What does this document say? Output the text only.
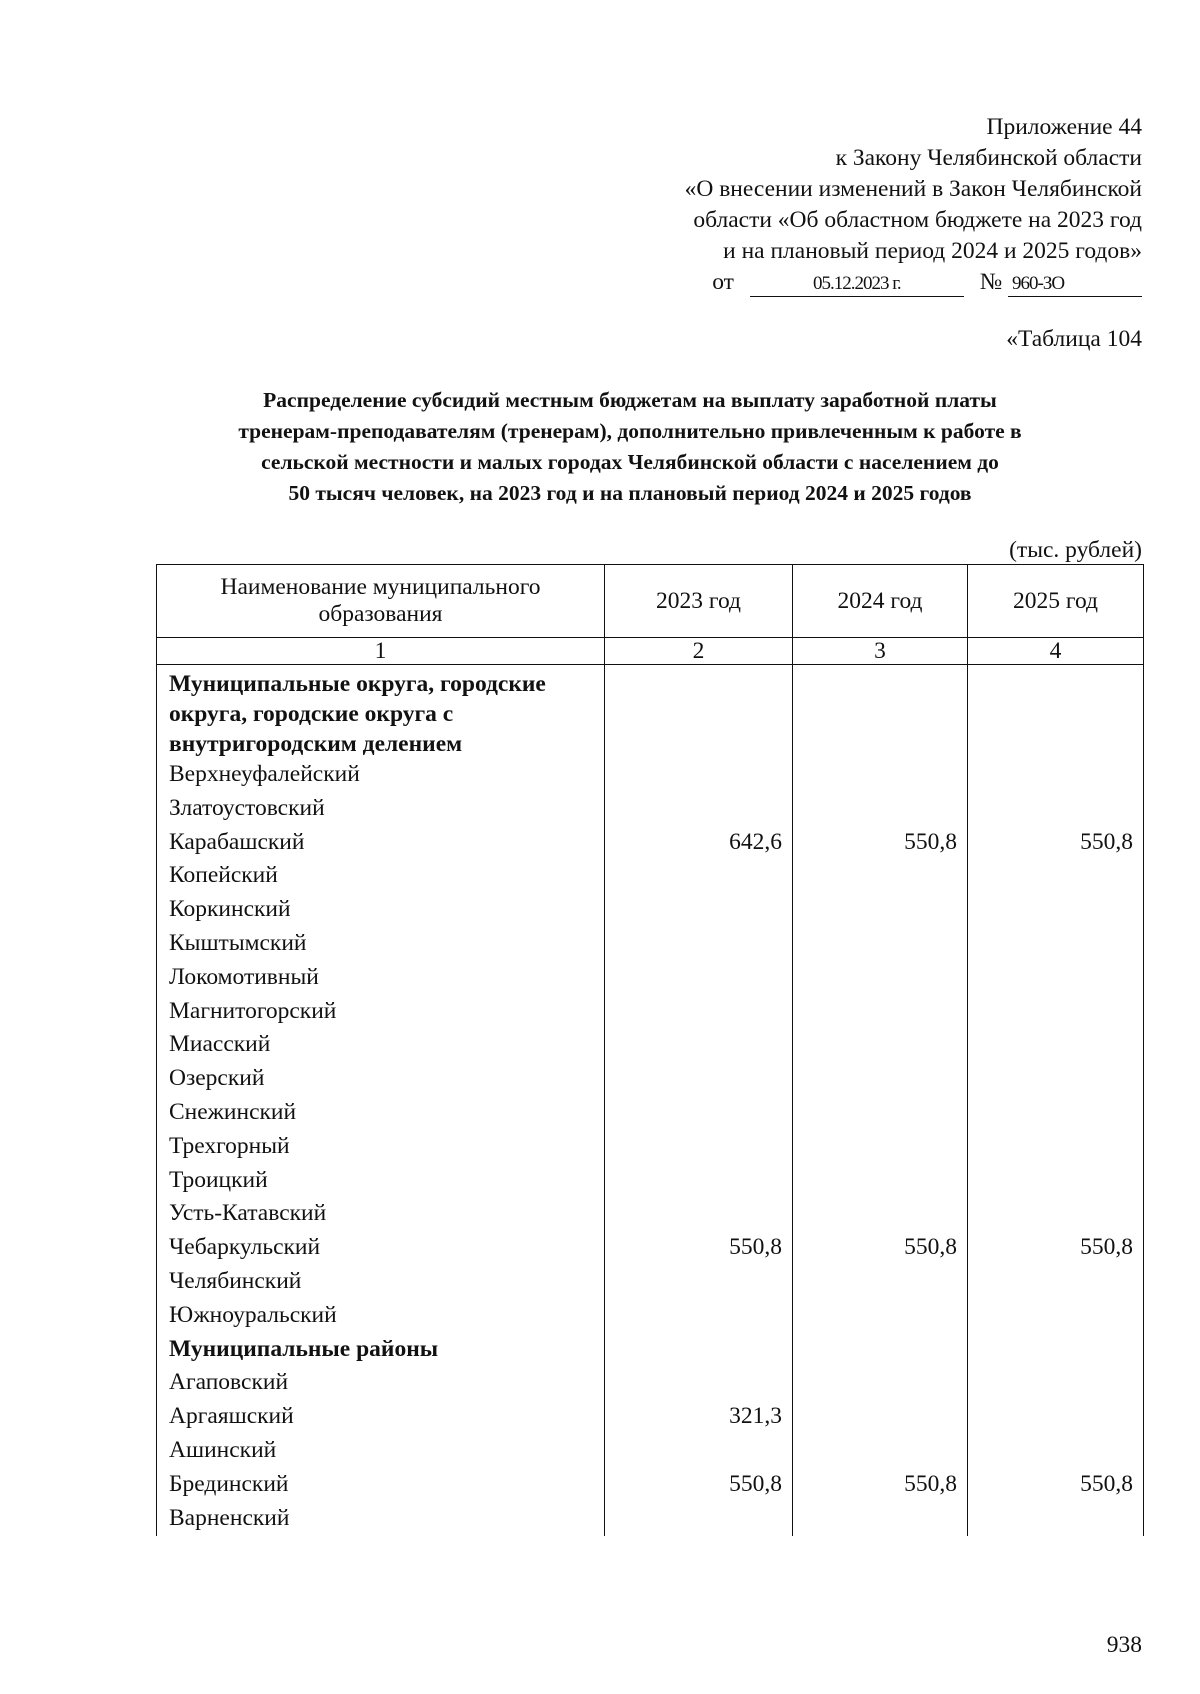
Приложение 44
к Закону Челябинской области
«О внесении изменений в Закон Челябинской
области «Об областном бюджете на 2023 год
и на плановый период 2024 и 2025 годов»
от	05.12.2023 г.	№ 960-ЗО
«Таблица 104
Распределение субсидий местным бюджетам на выплату заработной платы
тренерам-преподавателям (тренерам), дополнительно привлеченным к работе в
сельской местности и малых городах Челябинской области с населением до
50 тысяч человек, на 2023 год и на плановый период 2024 и 2025 годов
(тыс. рублей)
Наименование муниципального образования	2023 год	2024 год	2025 год
1	2	3	4
Муниципальные округа, городские округа, городские округа с внутригородским делением			
Верхнеуфалейский			
Златоустовский			
Карабашский	642,6	550,8	550,8
Копейский			
Коркинский			
Кыштымский			
Локомотивный			
Магнитогорский			
Миасский			
Озерский			
Снежинский			
Трехгорный			
Троицкий			
Усть-Катавский			
Чебаркульский	550,8	550,8	550,8
Челябинский			
Южноуральский			
Муниципальные районы			
Агаповский			
Аргаяшский	321,3		
Ашинский			
Брединский	550,8	550,8	550,8
Варненский			
938
